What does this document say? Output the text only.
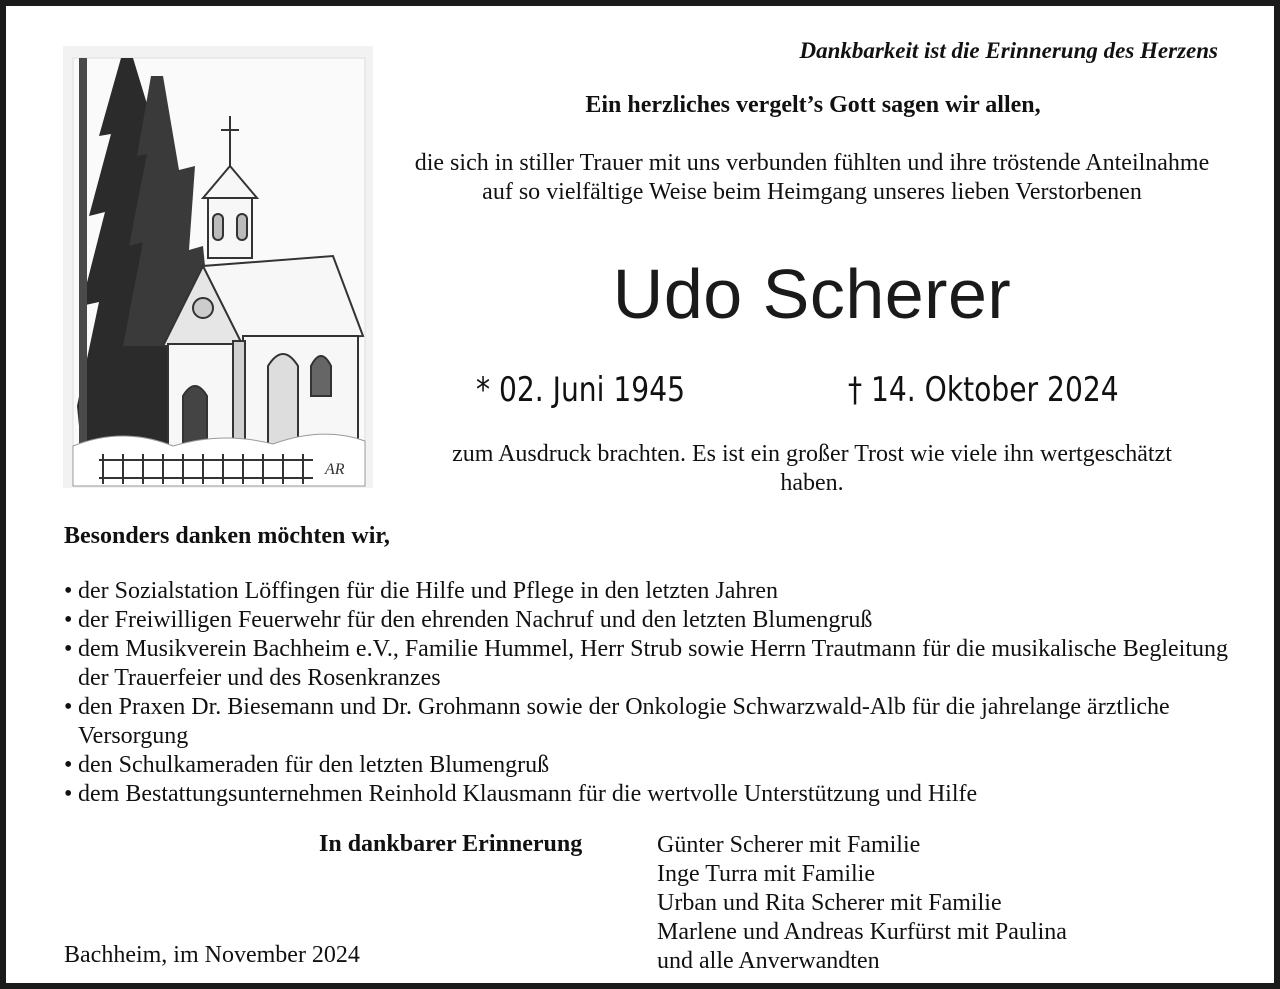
AR
Dankbarkeit ist die Erinnerung des Herzens
Ein herzliches vergelt’s Gott sagen wir allen,
die sich in stiller Trauer mit uns verbunden fühlten und ihre tröstende Anteilnahme auf so vielfältige Weise beim Heimgang unseres lieben Verstorbenen
Udo Scherer
* 02. Juni 1945	† 14. Oktober 2024
zum Ausdruck brachten. Es ist ein großer Trost wie viele ihn wertgeschätzt haben.
Besonders danken möchten wir,
• der Sozialstation Löffingen für die Hilfe und Pflege in den letzten Jahren
• der Freiwilligen Feuerwehr für den ehrenden Nachruf und den letzten Blumengruß
• dem Musikverein Bachheim e.V., Familie Hummel, Herr Strub sowie Herrn Trautmann für die musikalische Begleitung der Trauerfeier und des Rosenkranzes
• den Praxen Dr. Biesemann und Dr. Grohmann sowie der Onkologie Schwarzwald-Alb für die jahrelange ärztliche Versorgung
• den Schulkameraden für den letzten Blumengruß
• dem Bestattungsunternehmen Reinhold Klausmann für die wertvolle Unterstützung und Hilfe
In dankbarer Erinnerung	Günter Scherer mit Familie
Inge Turra mit Familie
Urban und Rita Scherer mit Familie
Marlene und Andreas Kurfürst mit Paulina
und alle Anverwandten
Bachheim, im November 2024
